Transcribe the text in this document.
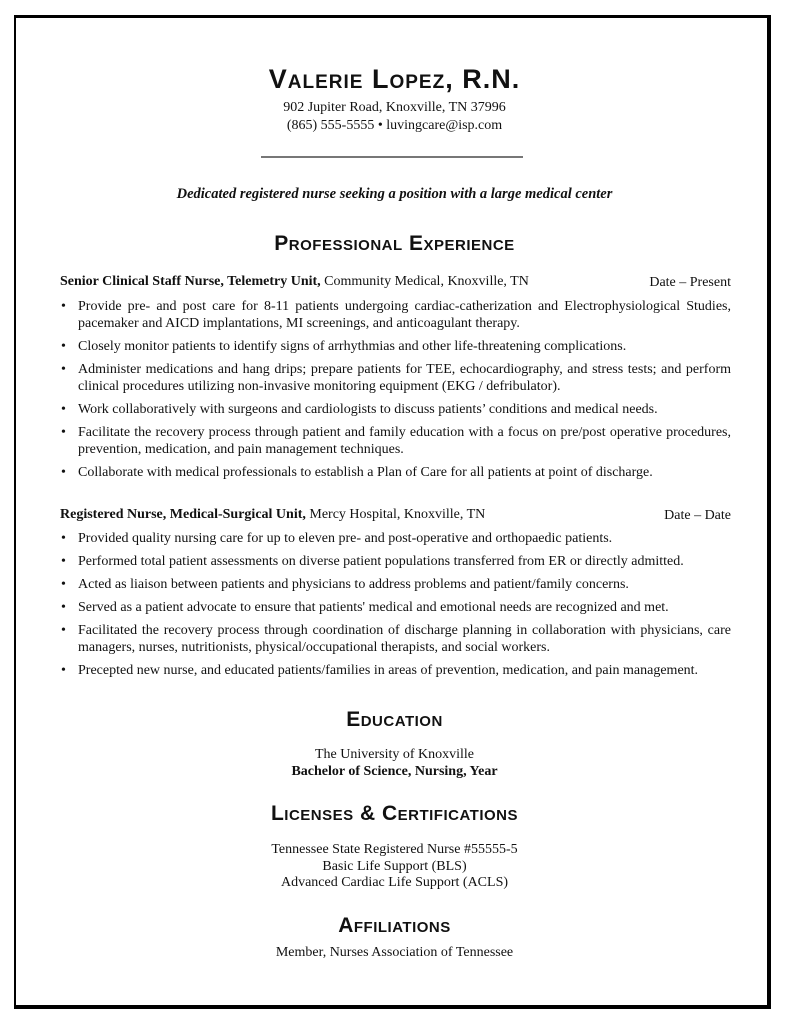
Valerie Lopez, R.N.
902 Jupiter Road, Knoxville, TN 37996
(865) 555-5555 • luvingcare@isp.com
Dedicated registered nurse seeking a position with a large medical center
Professional Experience
Senior Clinical Staff Nurse, Telemetry Unit, Community Medical, Knoxville, TN	Date – Present
• Provide pre- and post care for 8-11 patients undergoing cardiac-catherization and Electrophysiological Studies, pacemaker and AICD implantations, MI screenings, and anticoagulant therapy.
• Closely monitor patients to identify signs of arrhythmias and other life-threatening complications.
• Administer medications and hang drips; prepare patients for TEE, echocardiography, and stress tests; and perform clinical procedures utilizing non-invasive monitoring equipment (EKG / defribulator).
• Work collaboratively with surgeons and cardiologists to discuss patients’ conditions and medical needs.
• Facilitate the recovery process through patient and family education with a focus on pre/post operative procedures, prevention, medication, and pain management techniques.
• Collaborate with medical professionals to establish a Plan of Care for all patients at point of discharge.
Registered Nurse, Medical-Surgical Unit, Mercy Hospital, Knoxville, TN	Date – Date
• Provided quality nursing care for up to eleven pre- and post-operative and orthopaedic patients.
• Performed total patient assessments on diverse patient populations transferred from ER or directly admitted.
• Acted as liaison between patients and physicians to address problems and patient/family concerns.
• Served as a patient advocate to ensure that patients' medical and emotional needs are recognized and met.
• Facilitated the recovery process through coordination of discharge planning in collaboration with physicians, care managers, nurses, nutritionists, physical/occupational therapists, and social workers.
• Precepted new nurse, and educated patients/families in areas of prevention, medication, and pain management.
Education
The University of Knoxville
Bachelor of Science, Nursing, Year
Licenses & Certifications
Tennessee State Registered Nurse #55555-5
Basic Life Support (BLS)
Advanced Cardiac Life Support (ACLS)
Affiliations
Member, Nurses Association of Tennessee
